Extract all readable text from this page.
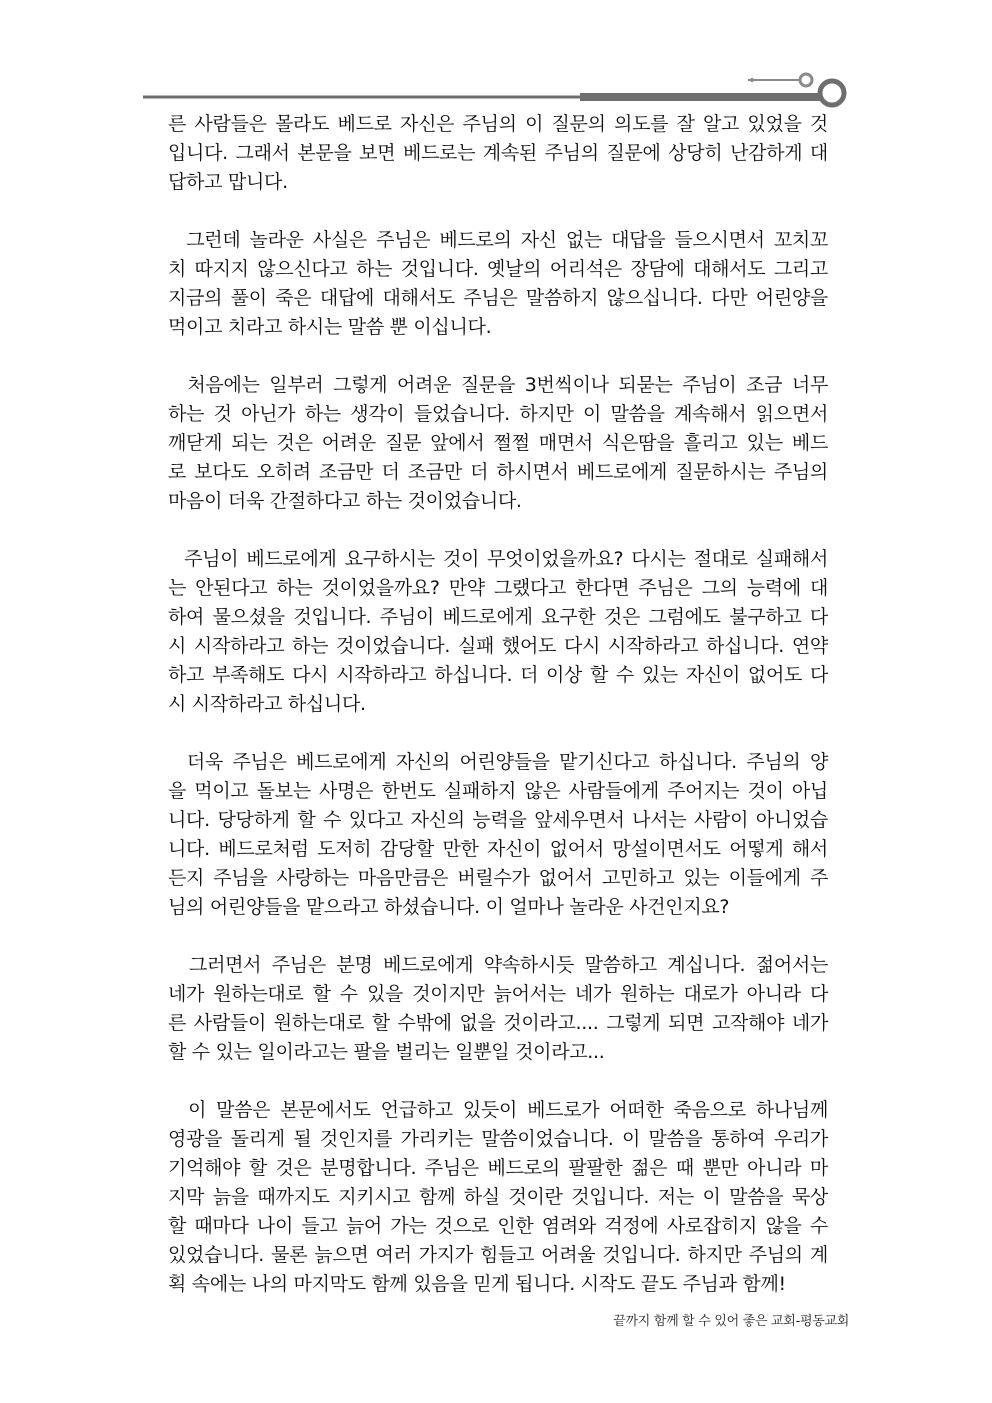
른 사람들은 몰라도 베드로 자신은 주님의 이 질문의 의도를 잘 알고 있었을 것
입니다. 그래서 본문을 보면 베드로는 계속된 주님의 질문에 상당히 난감하게 대
답하고 맙니다.
그런데 놀라운 사실은 주님은 베드로의 자신 없는 대답을 들으시면서 꼬치꼬
치 따지지 않으신다고 하는 것입니다. 옛날의 어리석은 장담에 대해서도 그리고
지금의 풀이 죽은 대답에 대해서도 주님은 말씀하지 않으십니다. 다만 어린양을
먹이고 치라고 하시는 말씀 뿐 이십니다.
처음에는 일부러 그렇게 어려운 질문을 3번씩이나 되묻는 주님이 조금 너무
하는 것 아닌가 하는 생각이 들었습니다. 하지만 이 말씀을 계속해서 읽으면서
깨닫게 되는 것은 어려운 질문 앞에서 쩔쩔 매면서 식은땀을 흘리고 있는 베드
로 보다도 오히려 조금만 더 조금만 더 하시면서 베드로에게 질문하시는 주님의
마음이 더욱 간절하다고 하는 것이었습니다.
주님이 베드로에게 요구하시는 것이 무엇이었을까요? 다시는 절대로 실패해서
는 안된다고 하는 것이었을까요? 만약 그랬다고 한다면 주님은 그의 능력에 대
하여 물으셨을 것입니다. 주님이 베드로에게 요구한 것은 그럼에도 불구하고 다
시 시작하라고 하는 것이었습니다. 실패 했어도 다시 시작하라고 하십니다. 연약
하고 부족해도 다시 시작하라고 하십니다. 더 이상 할 수 있는 자신이 없어도 다
시 시작하라고 하십니다.
더욱 주님은 베드로에게 자신의 어린양들을 맡기신다고 하십니다. 주님의 양
을 먹이고 돌보는 사명은 한번도 실패하지 않은 사람들에게 주어지는 것이 아닙
니다. 당당하게 할 수 있다고 자신의 능력을 앞세우면서 나서는 사람이 아니었습
니다. 베드로처럼 도저히 감당할 만한 자신이 없어서 망설이면서도 어떻게 해서
든지 주님을 사랑하는 마음만큼은 버릴수가 없어서 고민하고 있는 이들에게 주
님의 어린양들을 맡으라고 하셨습니다. 이 얼마나 놀라운 사건인지요?
그러면서 주님은 분명 베드로에게 약속하시듯 말씀하고 계십니다. 젊어서는
네가 원하는대로 할 수 있을 것이지만 늙어서는 네가 원하는 대로가 아니라 다
른 사람들이 원하는대로 할 수밖에 없을 것이라고.... 그렇게 되면 고작해야 네가
할 수 있는 일이라고는 팔을 벌리는 일뿐일 것이라고...
이 말씀은 본문에서도 언급하고 있듯이 베드로가 어떠한 죽음으로 하나님께
영광을 돌리게 될 것인지를 가리키는 말씀이었습니다. 이 말씀을 통하여 우리가
기억해야 할 것은 분명합니다. 주님은 베드로의 팔팔한 젊은 때 뿐만 아니라 마
지막 늙을 때까지도 지키시고 함께 하실 것이란 것입니다. 저는 이 말씀을 묵상
할 때마다 나이 들고 늙어 가는 것으로 인한 염려와 걱정에 사로잡히지 않을 수
있었습니다. 물론 늙으면 여러 가지가 힘들고 어려울 것입니다. 하지만 주님의 계
획 속에는 나의 마지막도 함께 있음을 믿게 됩니다. 시작도 끝도 주님과 함께!
끝까지 함께 할 수 있어 좋은 교회-평동교회
